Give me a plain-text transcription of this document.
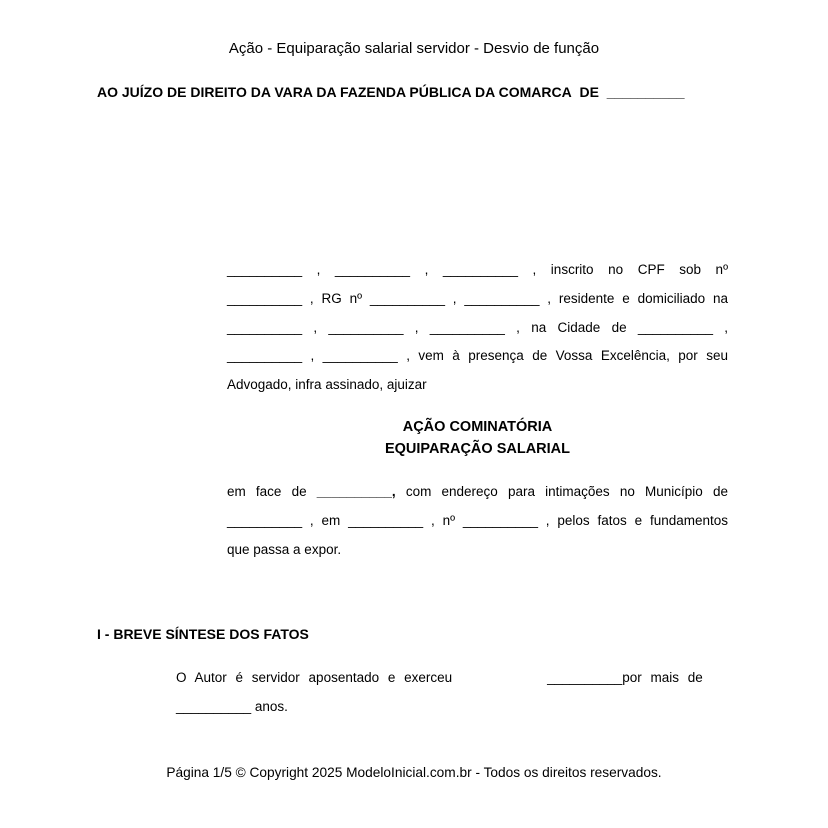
Ação - Equiparação salarial servidor - Desvio de função
AO JUÍZO DE DIREITO DA VARA DA FAZENDA PÚBLICA DA COMARCA  DE  __________
__________ , __________ , __________ , inscrito no CPF sob nº
__________ , RG nº __________ , __________ , residente e domiciliado na
__________ , __________ , __________ , na Cidade de __________ ,
__________ , __________ , vem à presença de Vossa Excelência, por seu
Advogado, infra assinado, ajuizar
AÇÃO COMINATÓRIA
EQUIPARAÇÃO SALARIAL
em face de __________, com endereço para intimações no Município de
__________ , em __________ , nº __________ , pelos fatos e fundamentos
que passa a expor.
I - BREVE SÍNTESE DOS FATOS
O Autor é servidor aposentado e exerceu	__________por mais de
__________ anos.
Página 1/5 © Copyright 2025 ModeloInicial.com.br - Todos os direitos reservados.
